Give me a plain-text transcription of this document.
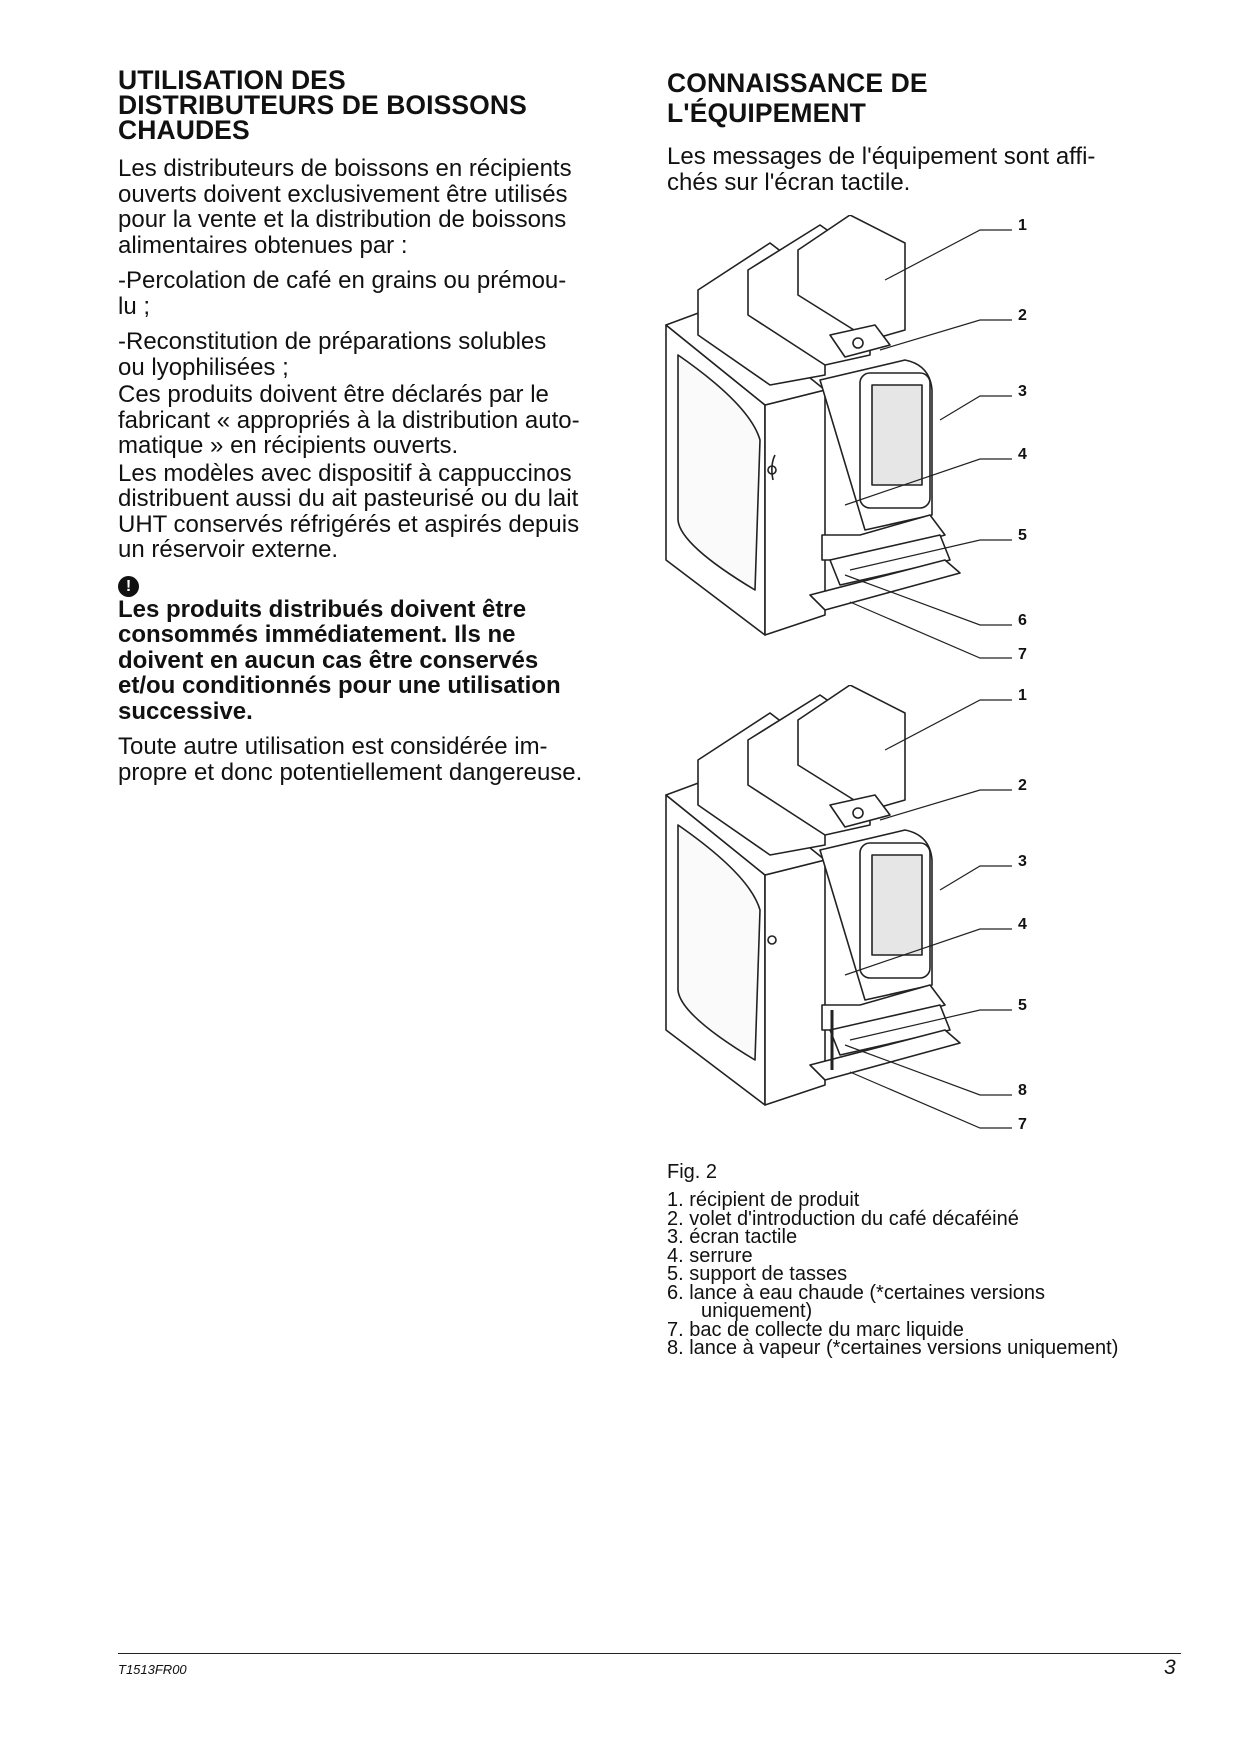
UTILISATION DES
DISTRIBUTEURS DE BOISSONS
CHAUDES

Les distributeurs de boissons en récipients
ouverts doivent exclusivement être utilisés
pour la vente et la distribution de boissons
alimentaires obtenues par :

-Percolation de café en grains ou prémou-
lu ;

-Reconstitution de préparations solubles
ou lyophilisées ;

Ces produits doivent être déclarés par le
fabricant « appropriés à la distribution auto-
matique » en récipients ouverts.

Les modèles avec dispositif à cappuccinos
distribuent aussi du ait pasteurisé ou du lait
UHT conservés réfrigérés et aspirés depuis
un réservoir externe.

!
Les produits distribués doivent être
consommés immédiatement. Ils ne
doivent en aucun cas être conservés
et/ou conditionnés pour une utilisation
successive.

Toute autre utilisation est considérée im-
propre et donc potentiellement dangereuse.

CONNAISSANCE DE
L'ÉQUIPEMENT

Les messages de l'équipement sont affi-
chés sur l'écran tactile.

1
2
3
4
5
6
7
1
2
3
4
5
8
7
Fig. 2
1. récipient de produit
2. volet d'introduction du café décaféiné
3. écran tactile
4. serrure
5. support de tasses
6. lance à eau chaude (*certaines versions
uniquement)
7. bac de collecte du marc liquide
8. lance à vapeur (*certaines versions uniquement)
T1513FR00	3
